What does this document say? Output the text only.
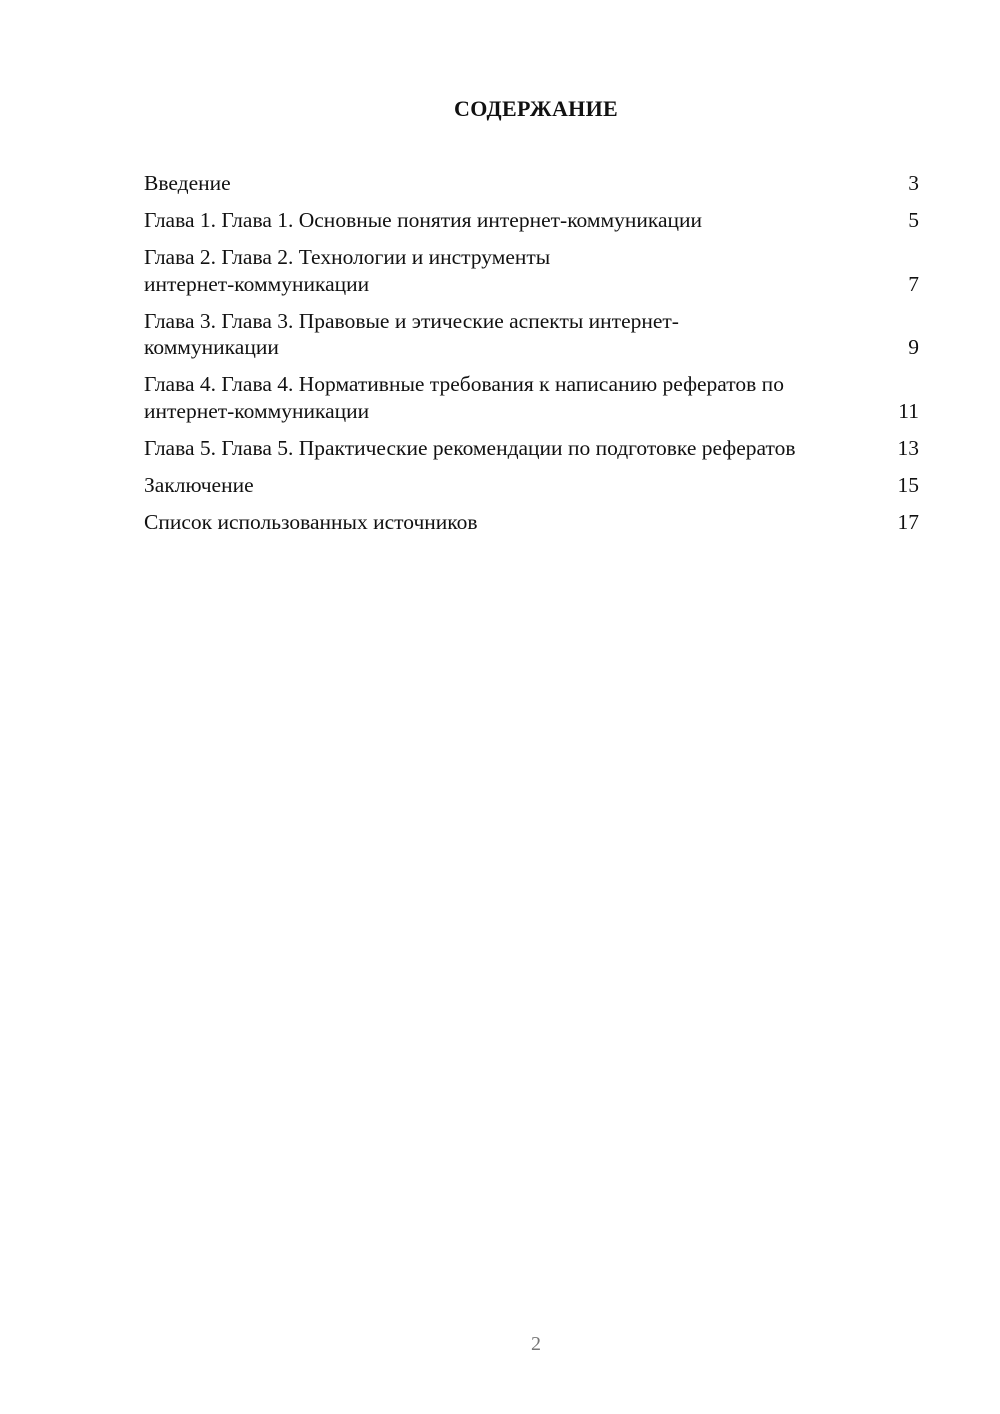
СОДЕРЖАНИЕ
Введение	3
Глава 1. Глава 1. Основные понятия интернет-коммуникации	5
Глава 2. Глава 2. Технологии и инструменты интернет-коммуникации	7
Глава 3. Глава 3. Правовые и этические аспекты интернет-коммуникации	9
Глава 4. Глава 4. Нормативные требования к написанию рефератов по интернет-коммуникации	11
Глава 5. Глава 5. Практические рекомендации по подготовке рефератов	13
Заключение	15
Список использованных источников	17
2
